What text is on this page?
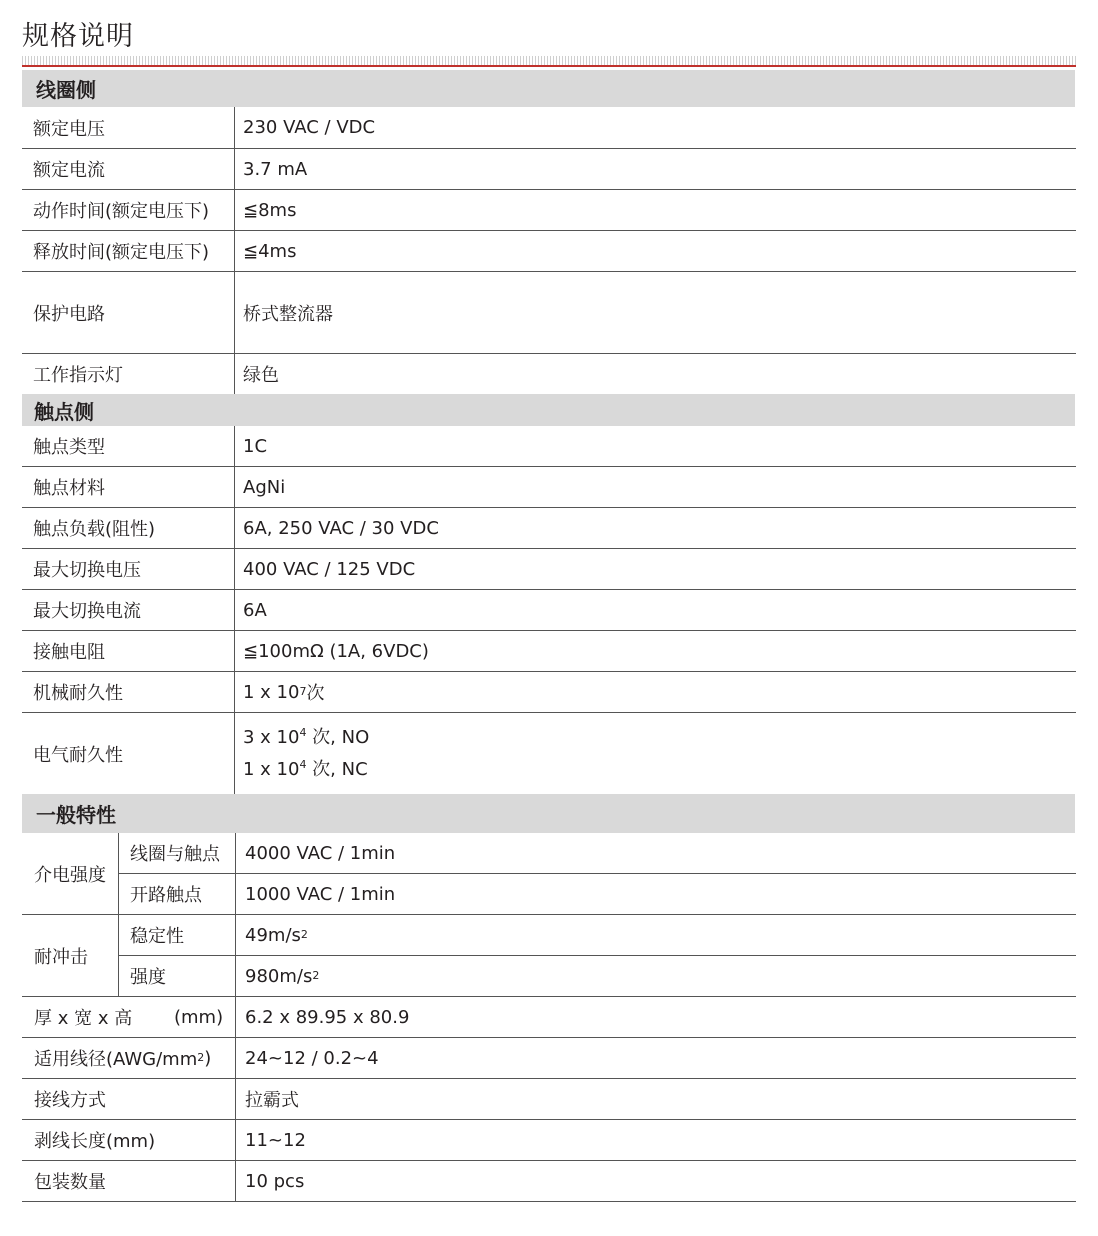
规格说明
线圈侧
额定电压	230 VAC / VDC
额定电流	3.7 mA
动作时间(额定电压下) ≦8ms
释放时间(额定电压下) ≦4ms
保护电路	桥式整流器
工作指示灯	绿色
触点侧
触点类型	1C
触点材料	AgNi
触点负载(阻性)	6A, 250 VAC / 30 VDC
最大切换电压	400 VAC / 125 VDC
最大切换电流	6A
接触电阻	≦100mΩ (1A, 6VDC)
机械耐久性	1 x 10 7 次
电气耐久性
3 x $10^4$ 次, NO
1 x $10^4$ 次, NC
一般特性
介电强度
线圈与触点 4000 VAC / 1min
开路触点 1000 VAC / 1min
耐冲击
稳定性	49m/s 2
强度	980m/s 2
厚 x 宽 x 高 (mm) 6.2 x 89.95 x 80.9
适用线径(AWG/mm 2 ) 24~12 / 0.2~4
接线方式	拉霸式
剥线长度(mm)	11~12
包装数量	10 pcs
